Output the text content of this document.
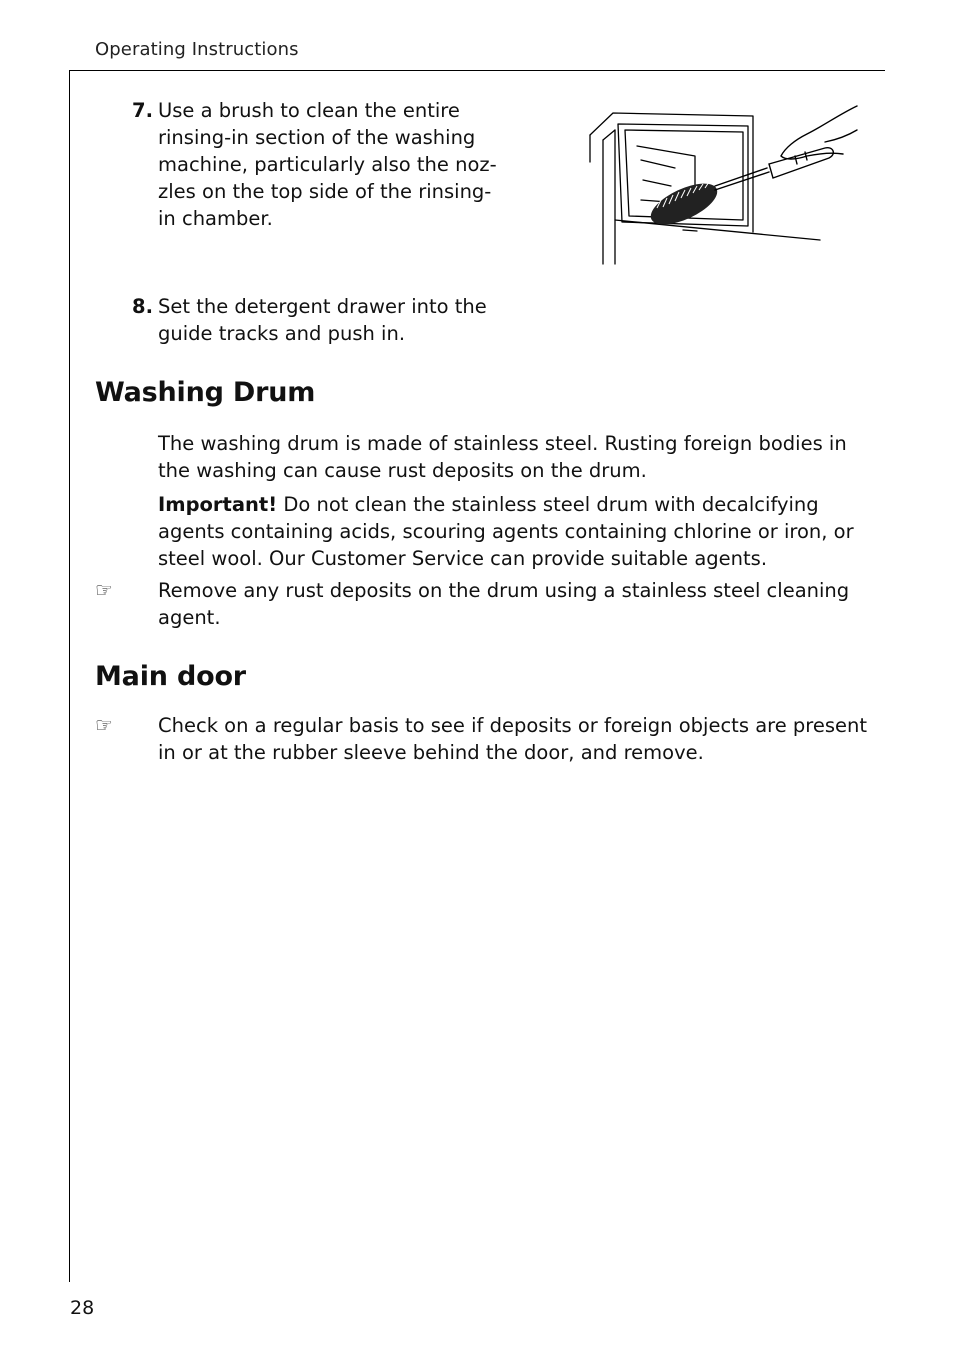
Operating Instructions
7. Use a brush to clean the entire
rinsing-in section of the washing
machine, particularly also the noz-
zles on the top side of the rinsing-
in chamber.
8. Set the detergent drawer into the
guide tracks and push in.
Washing Drum
The washing drum is made of stainless steel. Rusting foreign bodies in
the washing can cause rust deposits on the drum.
Important! Do not clean the stainless steel drum with decalcifying
agents containing acids, scouring agents containing chlorine or iron, or
steel wool. Our Customer Service can provide suitable agents.
☞	Remove any rust deposits on the drum using a stainless steel cleaning
agent.
Main door
☞	Check on a regular basis to see if deposits or foreign objects are present
in or at the rubber sleeve behind the door, and remove.
28
